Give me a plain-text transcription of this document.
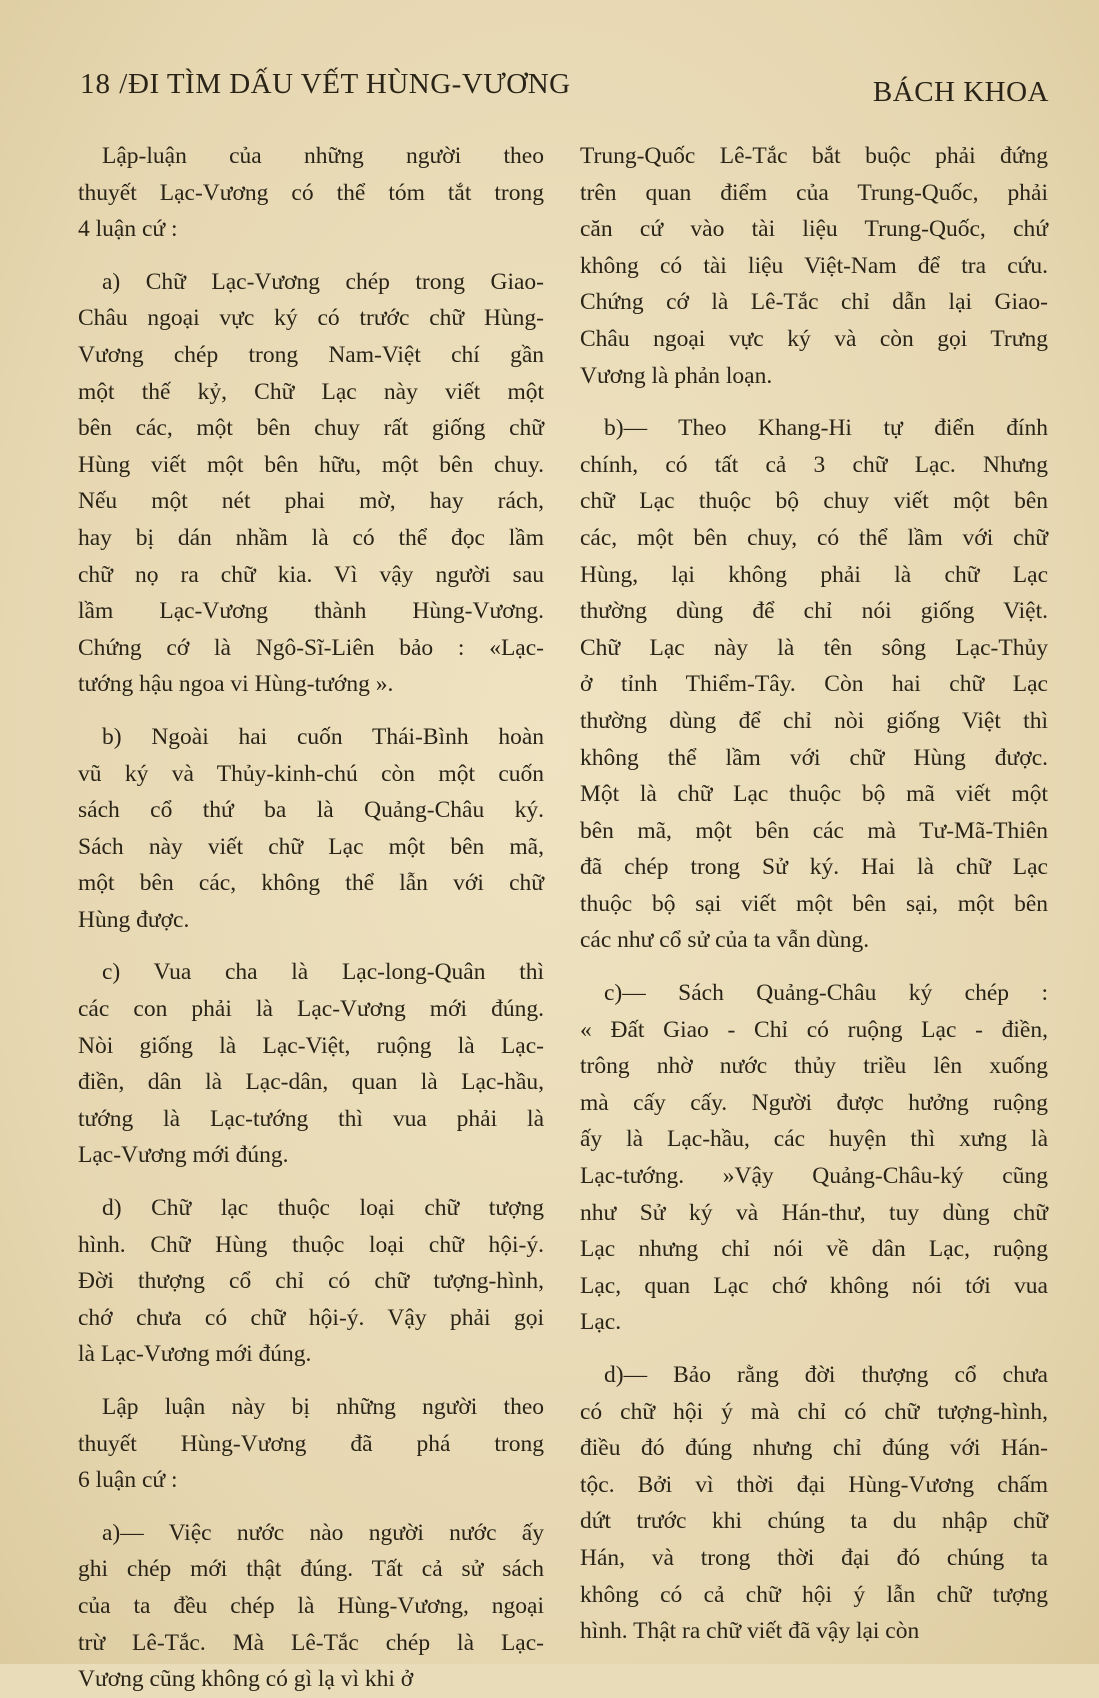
18 / ĐI TÌM DẤU VẾT HÙNG-VƯƠNG	BÁCH KHOA

Lập-luận của những người theo
thuyết Lạc-Vương có thể tóm tắt trong
4 luận cứ :

a) Chữ Lạc-Vương chép trong Giao-
Châu ngoại vực ký có trước chữ Hùng-
Vương chép trong Nam-Việt chí gần
một thế kỷ, Chữ Lạc này viết một
bên các, một bên chuy rất giống chữ
Hùng viết một bên hữu, một bên chuy.
Nếu một nét phai mờ, hay rách,
hay bị dán nhầm là có thể đọc lầm
chữ nọ ra chữ kia. Vì vậy người sau
lầm Lạc-Vương thành Hùng-Vương.
Chứng cớ là Ngô-Sĩ-Liên bảo : «Lạc-
tướng hậu ngoa vi Hùng-tướng ».

b) Ngoài hai cuốn Thái-Bình hoàn
vũ ký và Thủy-kinh-chú còn một cuốn
sách cổ thứ ba là Quảng-Châu ký.
Sách này viết chữ Lạc một bên mã,
một bên các, không thể lẫn với chữ
Hùng được.

c) Vua cha là Lạc-long-Quân thì
các con phải là Lạc-Vương mới đúng.
Nòi giống là Lạc-Việt, ruộng là Lạc-
điền, dân là Lạc-dân, quan là Lạc-hầu,
tướng là Lạc-tướng thì vua phải là
Lạc-Vương mới đúng.

d) Chữ lạc thuộc loại chữ tượng
hình. Chữ Hùng thuộc loại chữ hội-ý.
Đời thượng cổ chỉ có chữ tượng-hình,
chớ chưa có chữ hội-ý. Vậy phải gọi
là Lạc-Vương mới đúng.

Lập luận này bị những người theo
thuyết Hùng-Vương đã phá trong
6 luận cứ :

a)— Việc nước nào người nước ấy
ghi chép mới thật đúng. Tất cả sử sách
của ta đều chép là Hùng-Vương, ngoại
trừ Lê-Tắc. Mà Lê-Tắc chép là Lạc-
Vương cũng không có gì lạ vì khi ở

Trung-Quốc Lê-Tắc bắt buộc phải đứng
trên quan điểm của Trung-Quốc, phải
căn cứ vào tài liệu Trung-Quốc, chứ
không có tài liệu Việt-Nam để tra cứu.
Chứng cớ là Lê-Tắc chỉ dẫn lại Giao-
Châu ngoại vực ký và còn gọi Trưng
Vương là phản loạn.

b)— Theo Khang-Hi tự điển đính
chính, có tất cả 3 chữ Lạc. Nhưng
chữ Lạc thuộc bộ chuy viết một bên
các, một bên chuy, có thể lầm với chữ
Hùng, lại không phải là chữ Lạc
thường dùng để chỉ nói giống Việt.
Chữ Lạc này là tên sông Lạc-Thủy
ở tỉnh Thiểm-Tây. Còn hai chữ Lạc
thường dùng để chỉ nòi giống Việt thì
không thể lầm với chữ Hùng được.
Một là chữ Lạc thuộc bộ mã viết một
bên mã, một bên các mà Tư-Mã-Thiên
đã chép trong Sử ký. Hai là chữ Lạc
thuộc bộ sại viết một bên sại, một bên
các như cổ sử của ta vẫn dùng.

c)— Sách Quảng-Châu ký chép :
« Đất Giao - Chỉ có ruộng Lạc - điền,
trông nhờ nước thủy triều lên xuống
mà cấy cấy. Người được hưởng ruộng
ấy là Lạc-hầu, các huyện thì xưng là
Lạc-tướng. »Vậy Quảng-Châu-ký cũng
như Sử ký và Hán-thư, tuy dùng chữ
Lạc nhưng chỉ nói về dân Lạc, ruộng
Lạc, quan Lạc chớ không nói tới vua
Lạc.

d)— Bảo rằng đời thượng cổ chưa
có chữ hội ý mà chỉ có chữ tượng-hình,
điều đó đúng nhưng chỉ đúng với Hán-
tộc. Bởi vì thời đại Hùng-Vương chấm
dứt trước khi chúng ta du nhập chữ
Hán, và trong thời đại đó chúng ta
không có cả chữ hội ý lẫn chữ tượng
hình. Thật ra chữ viết đã vậy lại còn
